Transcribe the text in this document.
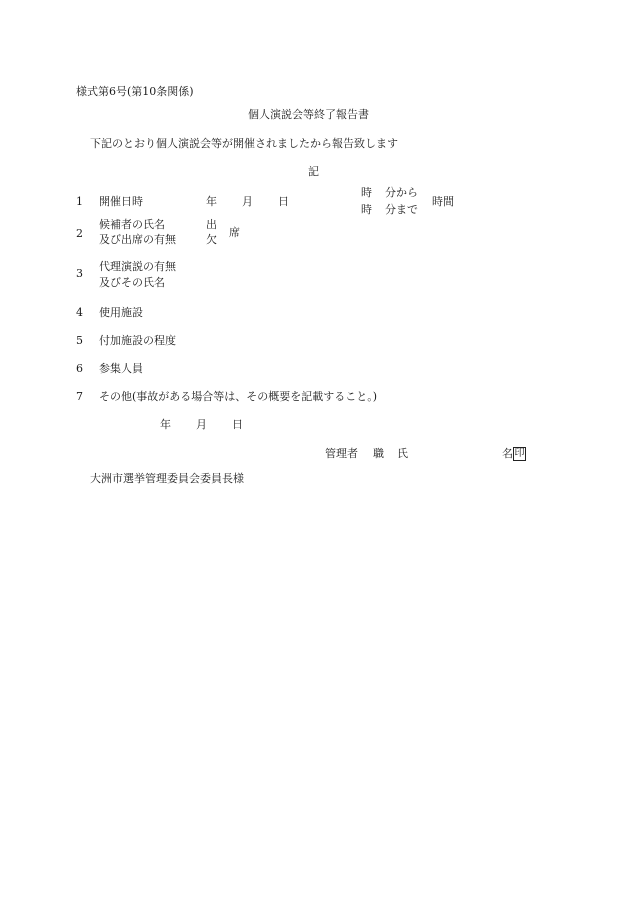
様式第6号(第10条関係)
個人演説会等終了報告書
下記のとおり個人演説会等が開催されましたから報告致します
記
1 開催日時	年 月 日
時 分から
時 分まで
時間
2
候補者の氏名
及び出席の有無
出
欠
席
3
代理演説の有無
及びその氏名
4 使用施設
5 付加施設の程度
6 参集人員
7 その他(事故がある場合等は、その概要を記載すること。)
年 月 日
管理者 職 氏	名 印
大洲市選挙管理委員会委員長様
